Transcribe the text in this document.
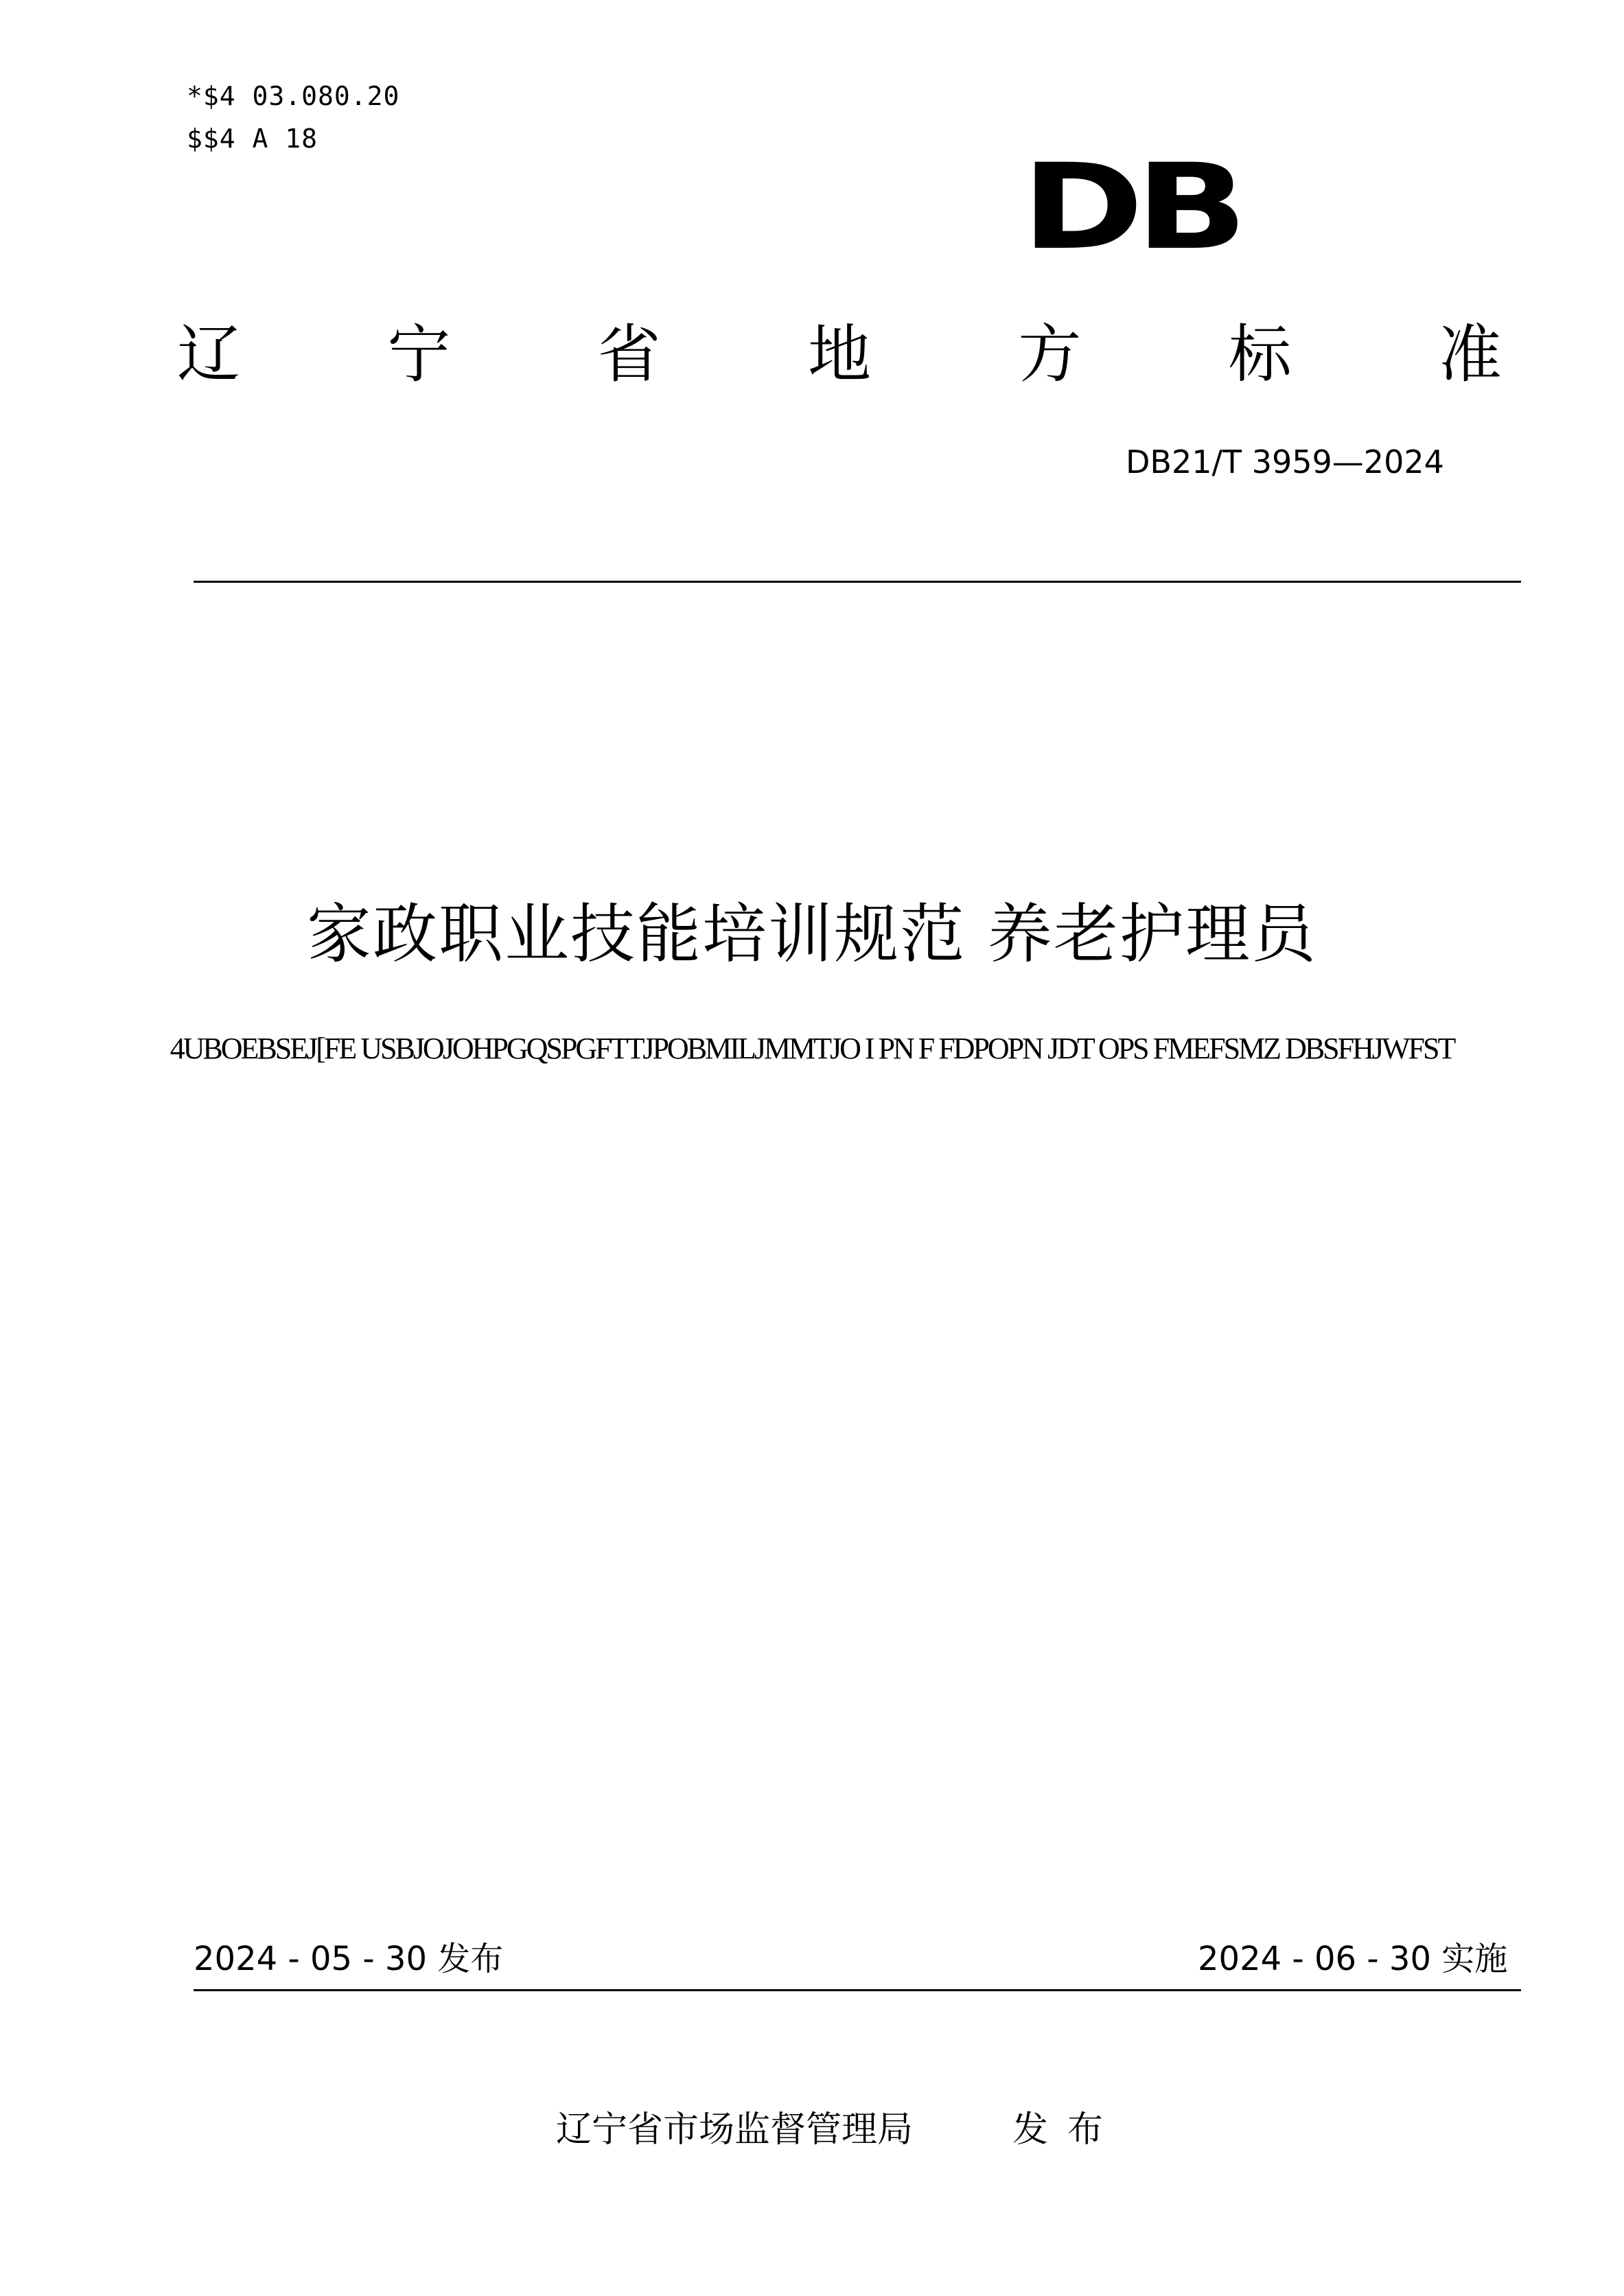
*$4 03.080.20
$$4 A 18	DB
辽 宁 省 地 方 标 准
DB21/T 3959—2024
家政职业技能培训规范 养老护理员
4UBOEBSEJ[FE USBJOJOHPGQSPGFTTJPOBMILJMMTJO I PN F FDPOPN JDT OPS FMEFSMZ DBSFHJWFST
2024 - 05 - 30 发布	2024 - 06 - 30 实施
辽宁省市场监督管理局	发布
